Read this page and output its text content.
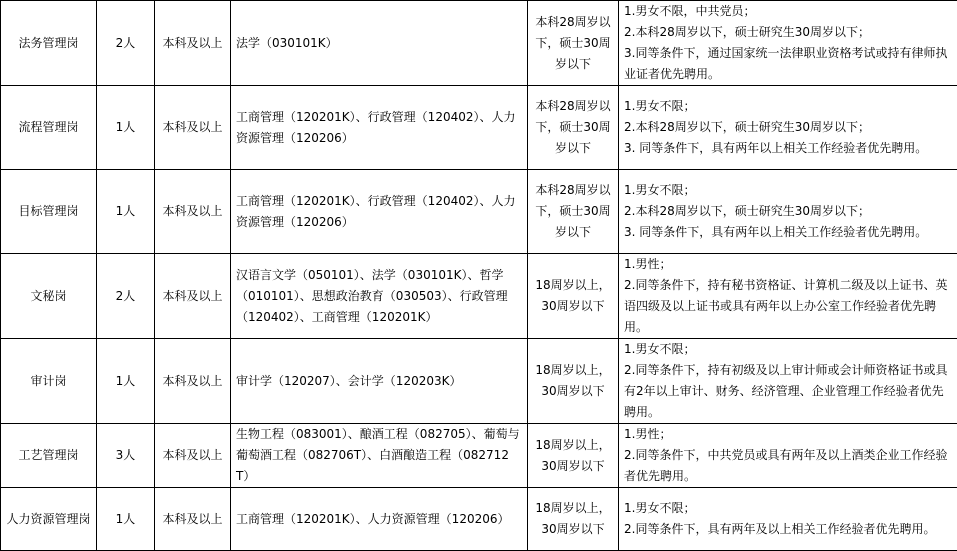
法务管理岗	2人	本科及以上	法学（030101K）	本科28周岁以下，硕士30周岁以下	1.男女不限，中共党员；
2.本科28周岁以下，硕士研究生30周岁以下；
3.同等条件下，通过国家统一法律职业资格考试或持有律师执业证者优先聘用。

流程管理岗	1人	本科及以上	工商管理（120201K）、行政管理（120402）、人力资源管理（120206）	本科28周岁以下，硕士30周岁以下	1.男女不限；
2.本科28周岁以下，硕士研究生30周岁以下；
3. 同等条件下，具有两年以上相关工作经验者优先聘用。

目标管理岗	1人	本科及以上	工商管理（120201K）、行政管理（120402）、人力资源管理（120206）	本科28周岁以下，硕士30周岁以下	1.男女不限；
2.本科28周岁以下，硕士研究生30周岁以下；
3. 同等条件下，具有两年以上相关工作经验者优先聘用。

文秘岗	2人	本科及以上	汉语言文学（050101）、法学（030101K）、哲学（010101）、思想政治教育（030503）、行政管理（120402）、工商管理（120201K）	18周岁以上，30周岁以下	1.男性；
2.同等条件下，持有秘书资格证、计算机二级及以上证书、英语四级及以上证书或具有两年以上办公室工作经验者优先聘用。

审计岗	1人	本科及以上	审计学（120207）、会计学（120203K）	18周岁以上，30周岁以下	1.男女不限；
2.同等条件下，持有初级及以上审计师或会计师资格证书或具有2年以上审计、财务、经济管理、企业管理工作经验者优先聘用。

工艺管理岗	3人	本科及以上	生物工程（083001）、酿酒工程（082705）、葡萄与葡萄酒工程（082706T）、白酒酿造工程（082712T）	18周岁以上，30周岁以下	1.男性；
2.同等条件下，中共党员或具有两年及以上酒类企业工作经验者优先聘用。

人力资源管理岗	1人	本科及以上	工商管理（120201K）、人力资源管理（120206）	18周岁以上，30周岁以下	1.男女不限；
2.同等条件下，具有两年及以上相关工作经验者优先聘用。
